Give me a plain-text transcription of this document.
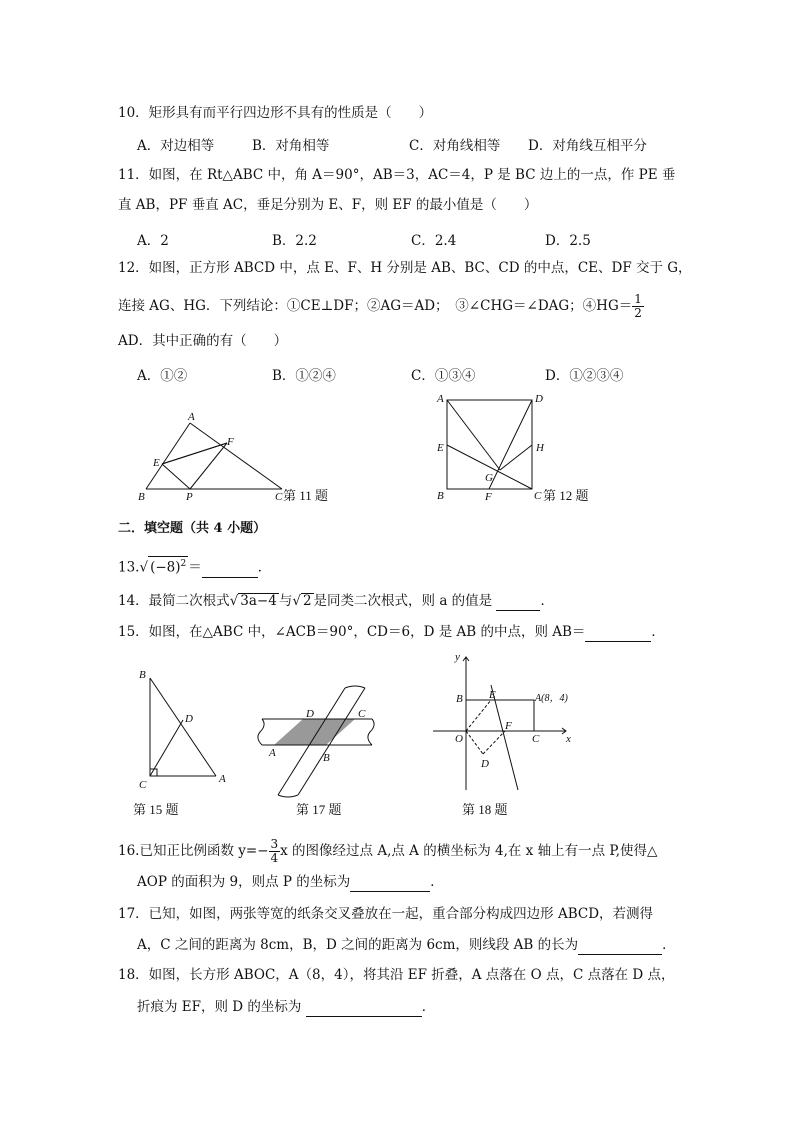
10．矩形具有而平行四边形不具有的性质是（　　）
A．对边相等	B．对角相等	C．对角线相等 D．对角线互相平分
11．如图，在 Rt△ABC 中，角 A＝90°，AB＝3，AC＝4，P 是 BC 边上的一点，作 PE 垂
直 AB，PF 垂直 AC，垂足分别为 E、F，则 EF 的最小值是（　　）
A．2	B．2.2	C．2.4	D．2.5
12．如图，正方形 ABCD 中，点 E、F、H 分别是 AB、BC、CD 的中点，CE、DF 交于 G，
连接 AG、HG．下列结论：①CE⊥DF；②AG＝AD；　③∠CHG＝∠DAG；④HG＝ $\frac{1}{2}$
AD．其中正确的有（　　）
A．①②	B．①②④	C．①③④	D．①②③④
A
F
E
B	P	C 第 11 题
A	D
E	H
G
B	F	C 第 12 题
二．填空题（共 4 小题）
13.√ $(-8)^2$ ＝	．
14．最简二次根式√ 3a−4 与√ 2 是同类二次根式，则 a 的值是	．
15．如图，在△ABC 中，∠ACB＝90°，CD＝6，D 是 AB 的中点，则 AB＝	．
B
D
C	A
第 15 题
D	C
A	B
第 17 题
y
B E	A(8，4)
O
F
C x
D
第 18 题
16.已知正比例函数 $y=- \frac{3}{4}$ x 的图像经过点 A,点 A 的横坐标为 4,在 x 轴上有一点 P,使得△
AOP 的面积为 9，则点 P 的坐标为	．
17．已知，如图，两张等宽的纸条交叉叠放在一起，重合部分构成四边形 ABCD，若测得
A，C 之间的距离为 8cm，B，D 之间的距离为 6cm，则线段 AB 的长为	．
18．如图，长方形 ABOC，A（8，4），将其沿 EF 折叠，A 点落在 O 点，C 点落在 D 点，
折痕为 EF，则 D 的坐标为	．
